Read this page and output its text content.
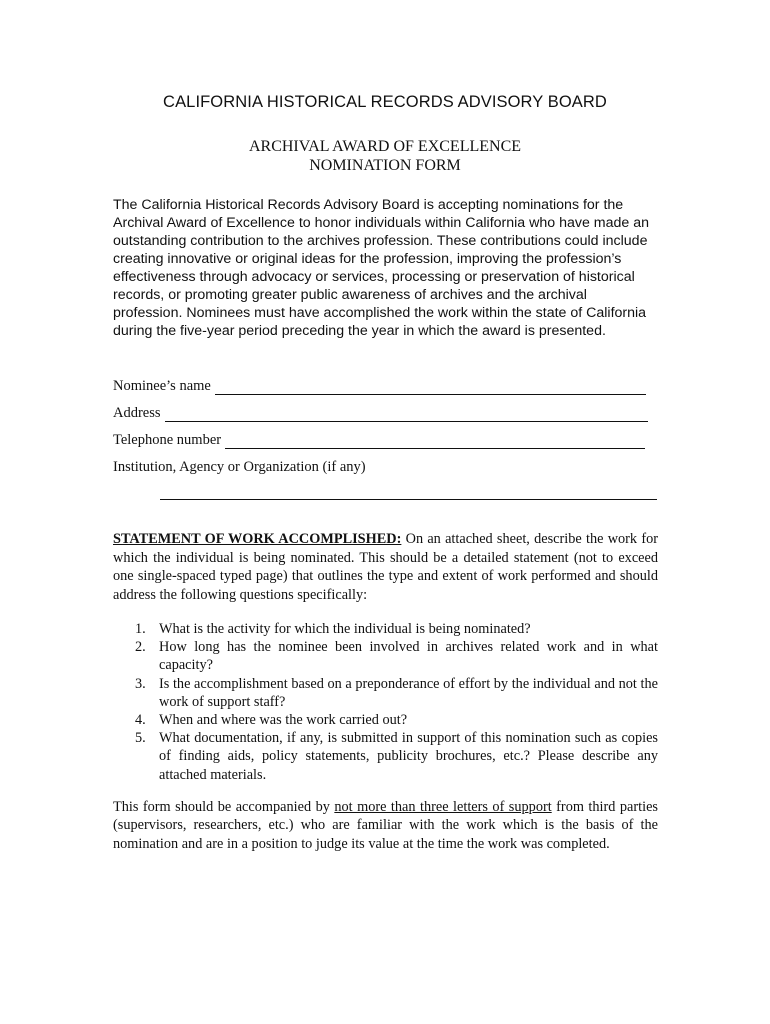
CALIFORNIA HISTORICAL RECORDS ADVISORY BOARD
ARCHIVAL AWARD OF EXCELLENCE
NOMINATION FORM

The California Historical Records Advisory Board is accepting nominations for the Archival Award of Excellence to honor individuals within California who have made an outstanding contribution to the archives profession. These contributions could include creating innovative or original ideas for the profession, improving the profession’s effectiveness through advocacy or services, processing or preservation of historical records, or promoting greater public awareness of archives and the archival profession. Nominees must have accomplished the work within the state of California during the five-year period preceding the year in which the award is presented.

Nominee’s name
Address
Telephone number
Institution, Agency or Organization (if any)

STATEMENT OF WORK ACCOMPLISHED: On an attached sheet, describe the work for which the individual is being nominated. This should be a detailed statement (not to exceed one single-spaced typed page) that outlines the type and extent of work performed and should address the following questions specifically:

1. What is the activity for which the individual is being nominated?
2. How long has the nominee been involved in archives related work and in what capacity?
3. Is the accomplishment based on a preponderance of effort by the individual and not the work of support staff?
4. When and where was the work carried out?
5. What documentation, if any, is submitted in support of this nomination such as copies of finding aids, policy statements, publicity brochures, etc.? Please describe any attached materials.

This form should be accompanied by not more than three letters of support from third parties (supervisors, researchers, etc.) who are familiar with the work which is the basis of the nomination and are in a position to judge its value at the time the work was completed.
